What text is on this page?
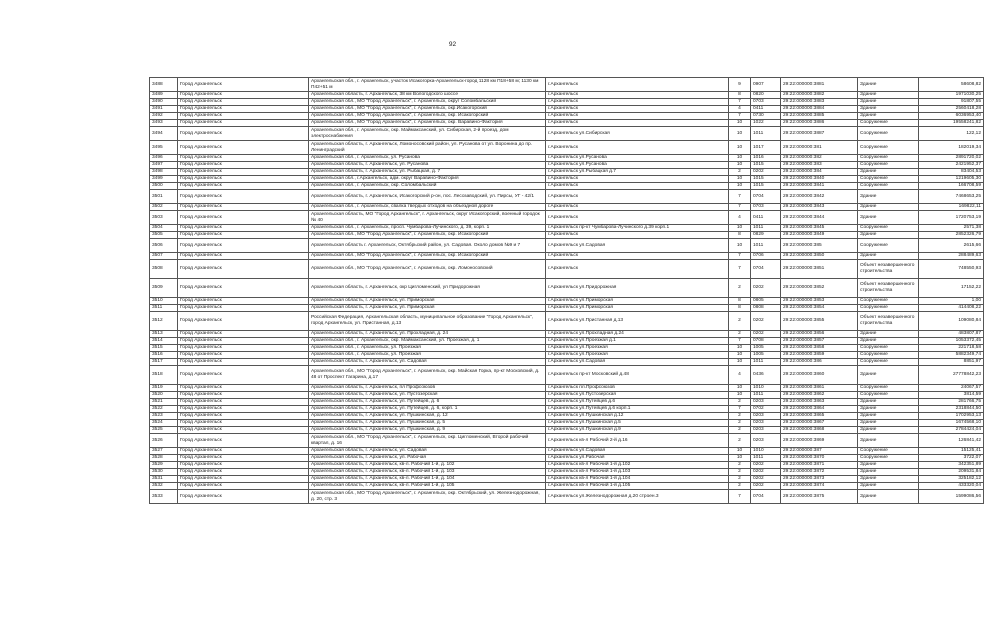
92
3488	Город Архангельск	Архангельская обл., г. Архангельск, участок Исакогорка-Архангельск-город 1128 км П18+58 м; 1130 км П42+51 м	г.Архангельск	9	0907	29:22:000000:3881	Здание	58608,82
3489	Город Архангельск	Архангельская область, г. Архангельск, 38 км Вологодского шоссе	г.Архангельск	8	0820	29:22:000000:3882	Здание	1971030,25
3490	Город Архангельск	Архангельская обл., МО "Город Архангельск", г. Архангельск, округ Соломбальский	г.Архангельск	7	0703	29:22:000000:3883	Здание	91807,55
3491	Город Архангельск	Архангельская обл., МО "Город Архангельск", г. Архангельск, окр.Исакогорский	г.Архангельск	4	0411	29:22:000000:3884	Здание	2560418,28
3492	Город Архангельск	Архангельская обл., МО "Город Архангельск", г. Архангельск, окр. Исакогорский	г.Архангельск	7	0730	29:22:000000:3885	Здание	6036953,40
3493	Город Архангельск	Архангельская обл., МО "Город Архангельск", г. Архангельск, окр. Варавино-Фактория	г.Архангельск	10	1022	29:22:000000:3886	Сооружение	19558241,82
3494	Город Архангельск	Архангельская обл., г. Архангельск, окр. Маймаксанский, ул. Сибирская, 2-й проезд, дом электроснабжения	г.Архангельск ул.Сибирская	10	1011	29:22:000000:3887	Сооружение	122,12
3495	Город Архангельск	Архангельская область, г. Архангельск, Ломоносовский район, ул. Русанова от ул. Воронина до пр. Ленинградский	г.Архангельск	10	1017	29:22:000000:381	Сооружение	182019,34
3496	Город Архангельск	Архангельская обл., г. Архангельск, ул. Русанова	г.Архангельск ул.Русанова	10	1016	29:22:000000:382	Сооружение	2891720,02
3497	Город Архангельск	Архангельская область, г. Архангельск, ул. Русанова	г.Архангельск ул.Русанова	10	1015	29:22:000000:383	Сооружение	2421952,37
3498	Город Архангельск	Архангельская область, г. Архангельск, ул. Рыбацкая, д. 7	г.Архангельск ул.Рыбацкая д.7	2	0202	29:22:000000:384	Здание	83404,53
3499	Город Архангельск	Архангельская обл., г.Архангельск, адм. округ Варавино-Фактория	г.Архангельск	10	1015	29:22:000000:3840	Сооружение	1219605,30
3500	Город Архангельск	Архангельская обл., г. Архангельск, окр. Соломбальский	г.Архангельск	10	1015	29:22:000000:3841	Сооружение	166708,59
3501	Город Архангельск	Архангельская область, г. Архангельск, Исакогорский р-он, пос. Лесозаводский, ул. Пирсы, УГ - 42/1	г.Архангельск	7	0704	29:22:000000:3842	Здание	7468653,25
3502	Город Архангельск	Архангельская обл., г. Архангельск, свалка твердых отходов на объездной дороге	г.Архангельск	7	0703	29:22:000000:3843	Здание	169822,11
3503	Город Архангельск	Архангельская область, МО "Город Архангельск", г. Архангельск, округ Исакогорский, военный городок № 40	г.Архангельск	4	0411	29:22:000000:3844	Здание	1720753,19
3504	Город Архангельск	Архангельская обл., г. Архангельск, просп. Чумбарова-Лучинского, д. 39, корп. 1	г.Архангельск пр-кт Чумбарова-Лучинского д.39 корп.1	10	1011	29:22:000000:3845	Сооружение	2571,38
3505	Город Архангельск	Архангельская обл., МО "Город Архангельск", г. Архангельск, окр. Исакогорский	г.Архангельск	8	0829	29:22:000000:3849	Здание	2852326,79
3506	Город Архангельск	Архангельская область г. Архангельск, Октябрьский район, ул. Садовая. Около домов №9 и 7	г.Архангельск ул.Садовая	10	1011	29:22:000000:385	Сооружение	2615,66
3507	Город Архангельск	Архангельская обл., МО "Город Архангельск", г. Архангельск, окр. Исакогорский	г.Архангельск	7	0706	29:22:000000:3850	Здание	288489,63
3508	Город Архангельск	Архангельская обл., МО "Город Архангельск", г. Архангельск, окр. Ломоносовский	г.Архангельск	7	0704	29:22:000000:3851	Объект незавершенного строительства	748550,93
3509	Город Архангельск	Архангельская область, г. Архангельск, окр Цигломенский, ул Придорожная	г.Архангельск ул.Придорожная	2	0202	29:22:000000:3852	Объект незавершенного строительства	17152,22
3510	Город Архангельск	Архангельская область, г. Архангельск, ул. Приморская	г.Архангельск ул.Приморская	8	0805	29:22:000000:3853	Сооружение	1,00
3511	Город Архангельск	Архангельская область, г. Архангельск, ул. Приморская	г.Архангельск ул.Приморская	8	0808	29:22:000000:3854	Сооружение	414408,22
3512	Город Архангельск	Российская Федерация, Архангельская область, муниципальное образование "Город Архангельск", город Архангельск, ул. Пристанная, д.13	г.Архангельск ул.Пристанная д.13	2	0202	29:22:000000:3855	Объект незавершенного строительства	109080,84
3513	Город Архангельск	Архангельская область, г. Архангельск, ул. Прохладная, д. 24	г.Архангельск ул.Прохладная д.24	2	0202	29:22:000000:3856	Здание	483807,87
3514	Город Архангельск	Архангельская обл., г. Архангельск, окр. Маймаксанский, ул. Проезжая, д. 1	г.Архангельск ул.Проезжая д.1	7	0708	29:22:000000:3857	Здание	1053372,45
3515	Город Архангельск	Архангельская обл., г. Архангельск, ул. Проезжая	г.Архангельск ул.Проезжая	10	1005	29:22:000000:3858	Сооружение	221718,58
3516	Город Архангельск	Архангельская обл., г. Архангельск, ул. Проезжая	г.Архангельск ул.Проезжая	10	1005	29:22:000000:3859	Сооружение	5882349,74
3517	Город Архангельск	Архангельская область, г. Архангельск, ул. Садовая	г.Архангельск ул.Садовая	10	1011	29:22:000000:386	Сооружение	8851,97
3518	Город Архангельск	Архангельская обл., МО "Город Архангельск", г. Архангельск, окр. Майская Горка, пр-кт Московский, д. 48 от Проспект Гагарина, д.17	г.Архангельск пр-кт Московский д.48	4	0436	29:22:000000:3860	Здание	27778842,23
3519	Город Архангельск	Архангельская область, г. Архангельск, пл Профсоюзов	г.Архангельск пл.Профсоюзов	10	1010	29:22:000000:3861	Сооружение	24067,57
3520	Город Архангельск	Архангельская область, г. Архангельск, ул. Пустозерская	г.Архангельск ул.Пустозерская	10	1011	29:22:000000:3862	Сооружение	3814,59
3521	Город Архангельск	Архангельская область, г. Архангельск, ул. Путейцев, д. 6	г.Архангельск ул.Путейцев д.6	2	0203	29:22:000000:3863	Здание	281766,75
3522	Город Архангельск	Архангельская область, г. Архангельск, ул. Путейцев, д. 6, корп. 1	г.Архангельск ул.Путейцев д.6 корп.1	7	0702	29:22:000000:3864	Здание	2318844,50
3523	Город Архангельск	Архангельская область, г. Архангельск, ул. Пушкинская, д. 12	г.Архангельск ул.Пушкинская д.12	2	0203	29:22:000000:3865	Здание	1702953,13
3524	Город Архангельск	Архангельская область, г. Архангельск, ул. Пушкинская, д. 5	г.Архангельск ул.Пушкинская д.5	2	0203	29:22:000000:3867	Здание	1674568,10
3525	Город Архангельск	Архангельская область, г. Архангельск, ул. Пушкинская, д. 9	г.Архангельск ул.Пушкинская д.9	2	0203	29:22:000000:3868	Здание	2784424,04
3526	Город Архангельск	Архангельская обл., МО "Город Архангельск", г. Архангельск, окр. Цигломенский, Второй рабочий квартал, д. 16	г.Архангельск кв-л Рабочий 2-й д.16	2	0203	29:22:000000:3869	Здание	126841,42
3527	Город Архангельск	Архангельская область, г. Архангельск, ул. Садовая	г.Архангельск ул.Садовая	10	1010	29:22:000000:387	Сооружение	15125,41
3528	Город Архангельск	Архангельская область, г. Архангельск, ул. Рабочая	г.Архангельск ул.Рабочая	10	1011	29:22:000000:3870	Сооружение	3722,07
3529	Город Архангельск	Архангельская область, г. Архангельск, кв-л. Рабочий 1-й, д. 102	г.Архангельск кв-л Рабочий 1-й д.102	2	0202	29:22:000000:3871	Здание	342351,89
3530	Город Архангельск	Архангельская область, г. Архангельск, кв-л. Рабочий 1-й, д. 103	г.Архангельск кв-л Рабочий 1-й д.103	2	0202	29:22:000000:3872	Здание	209531,84
3531	Город Архангельск	Архангельская область, г. Архангельск, кв-л. Рабочий 1-й, д. 104	г.Архангельск кв-л Рабочий 1-й д.104	2	0202	29:22:000000:3873	Здание	325182,12
3532	Город Архангельск	Архангельская область, г. Архангельск, кв-л. Рабочий 1-й, д. 105	г.Архангельск кв-л Рабочий 1-й д.105	2	0202	29:22:000000:3874	Здание	433320,04
3533	Город Архангельск	Архангельская обл., МО "Город Архангельск", г. Архангельск, окр. Октябрьский, ул. Железнодорожная, д. 20, стр. 3	г.Архангельск ул.Железнодорожная д.20 строен.3	7	0704	29:22:000000:3875	Здание	1599086,56
